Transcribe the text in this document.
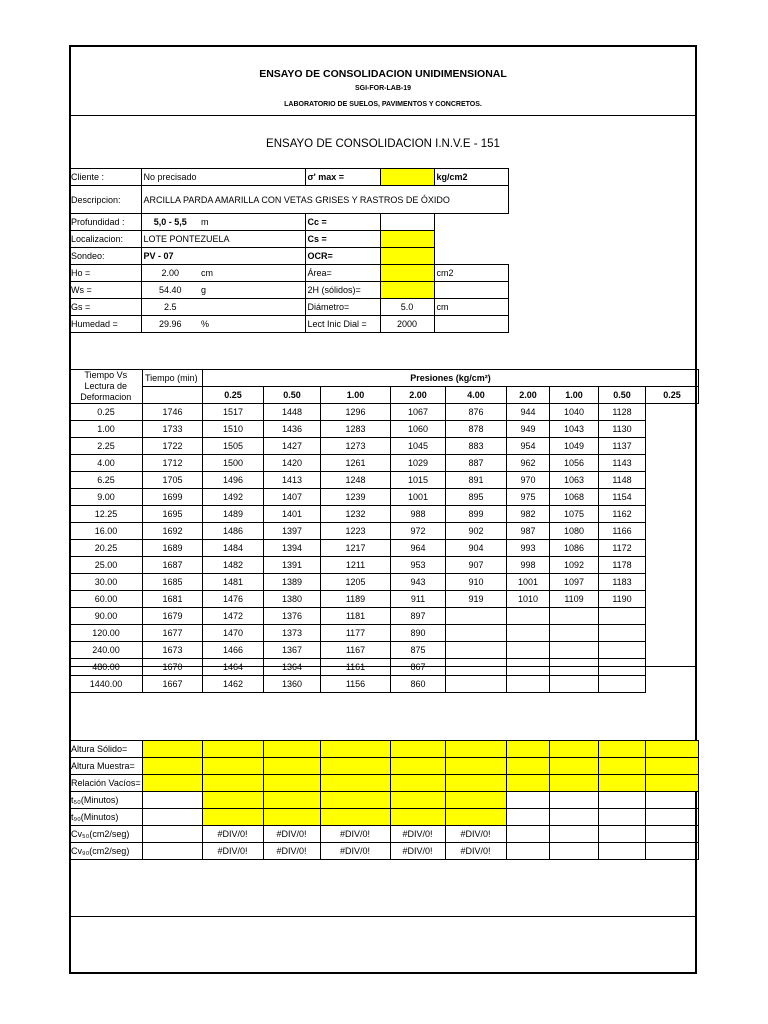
ENSAYO DE CONSOLIDACION UNIDIMENSIONAL
SGI-FOR-LAB-19
LABORATORIO DE SUELOS, PAVIMENTOS Y CONCRETOS.
ENSAYO DE CONSOLIDACION I.N.V.E - 151
Cliente :	No precisado		σ' max =		kg/cm2
Descripcion:	ARCILLA PARDA AMARILLA CON VETAS GRISES Y RASTROS DE ÓXIDO				
Profundidad :	5,0 - 5,5	m	Cc =		
Localizacion:	LOTE PONTEZUELA		Cs =		
Sondeo:	PV - 07		OCR=		
Ho =	2.00	cm	Área=		cm2
Ws =	54.40	g	2H (sólidos)=		
Gs =	2.5		Diámetro=	5.0	cm
Humedad =	29.96	%	Lect Inic Dial =	2000	
Tiempo Vs Lectura de Deformacion	Tiempo (min)	Presiones (kg/cm²)								
		0.25	0.50	1.00	2.00	4.00	2.00	1.00	0.50	0.25
0.25	1746	1517	1448	1296	1067	876	944	1040	1128	
1.00	1733	1510	1436	1283	1060	878	949	1043	1130	
2.25	1722	1505	1427	1273	1045	883	954	1049	1137	
4.00	1712	1500	1420	1261	1029	887	962	1056	1143	
6.25	1705	1496	1413	1248	1015	891	970	1063	1148	
9.00	1699	1492	1407	1239	1001	895	975	1068	1154	
12.25	1695	1489	1401	1232	988	899	982	1075	1162	
16.00	1692	1486	1397	1223	972	902	987	1080	1166	
20.25	1689	1484	1394	1217	964	904	993	1086	1172	
25.00	1687	1482	1391	1211	953	907	998	1092	1178	
30.00	1685	1481	1389	1205	943	910	1001	1097	1183	
60.00	1681	1476	1380	1189	911	919	1010	1109	1190	
90.00	1679	1472	1376	1181	897					
120.00	1677	1470	1373	1177	890					
240.00	1673	1466	1367	1167	875					
480.00	1670	1464	1364	1161	867					
1440.00	1667	1462	1360	1156	860					
Altura Sólido=										
Altura Muestra=										
Relación Vacíos=										
t₅₀(Minutos)										
t₉₀(Minutos)										
Cv₅₀(cm2/seg)		#DIV/0!	#DIV/0!	#DIV/0!	#DIV/0!	#DIV/0!				
Cv₉₀(cm2/seg)		#DIV/0!	#DIV/0!	#DIV/0!	#DIV/0!	#DIV/0!				
